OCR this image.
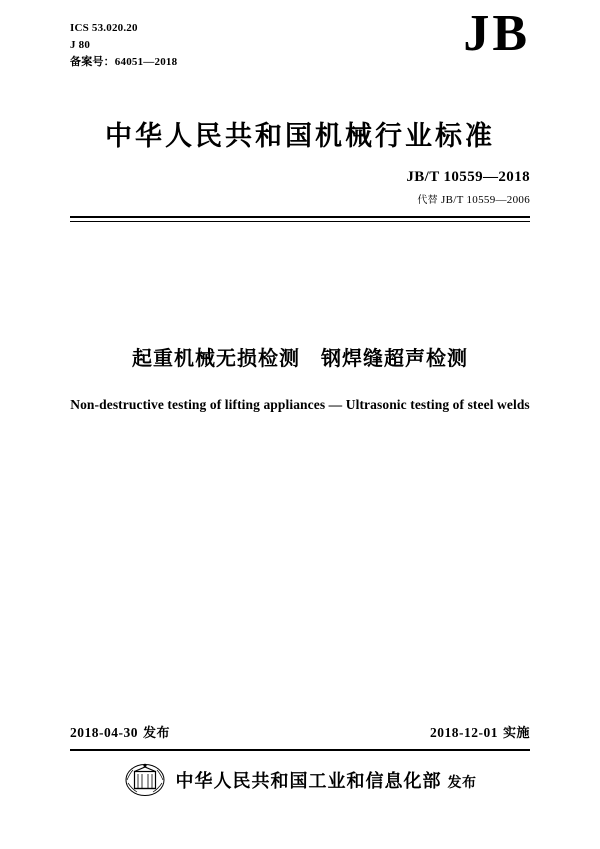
ICS 53.020.20
J 80
备案号：64051—2018	JB
中华人民共和国机械行业标准
JB/T 10559—2018
代替 JB/T 10559—2006
起重机械无损检测　钢焊缝超声检测
Non-destructive testing of lifting appliances — Ultrasonic testing of steel welds
2018-04-30 发布	2018-12-01 实施
中华人民共和国工业和信息化部 发布
